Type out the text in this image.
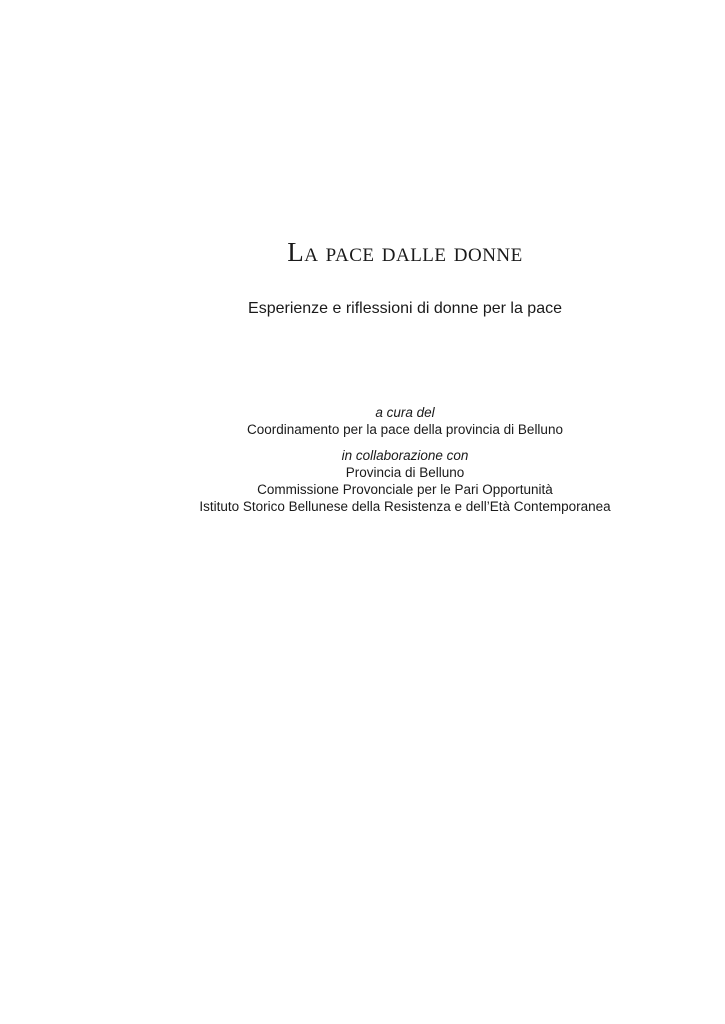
La pace dalle donne
Esperienze e riflessioni di donne per la pace
a cura del
Coordinamento per la pace della provincia di Belluno
in collaborazione con
Provincia di Belluno
Commissione Provonciale per le Pari Opportunità
Istituto Storico Bellunese della Resistenza e dell’Età Contemporanea
